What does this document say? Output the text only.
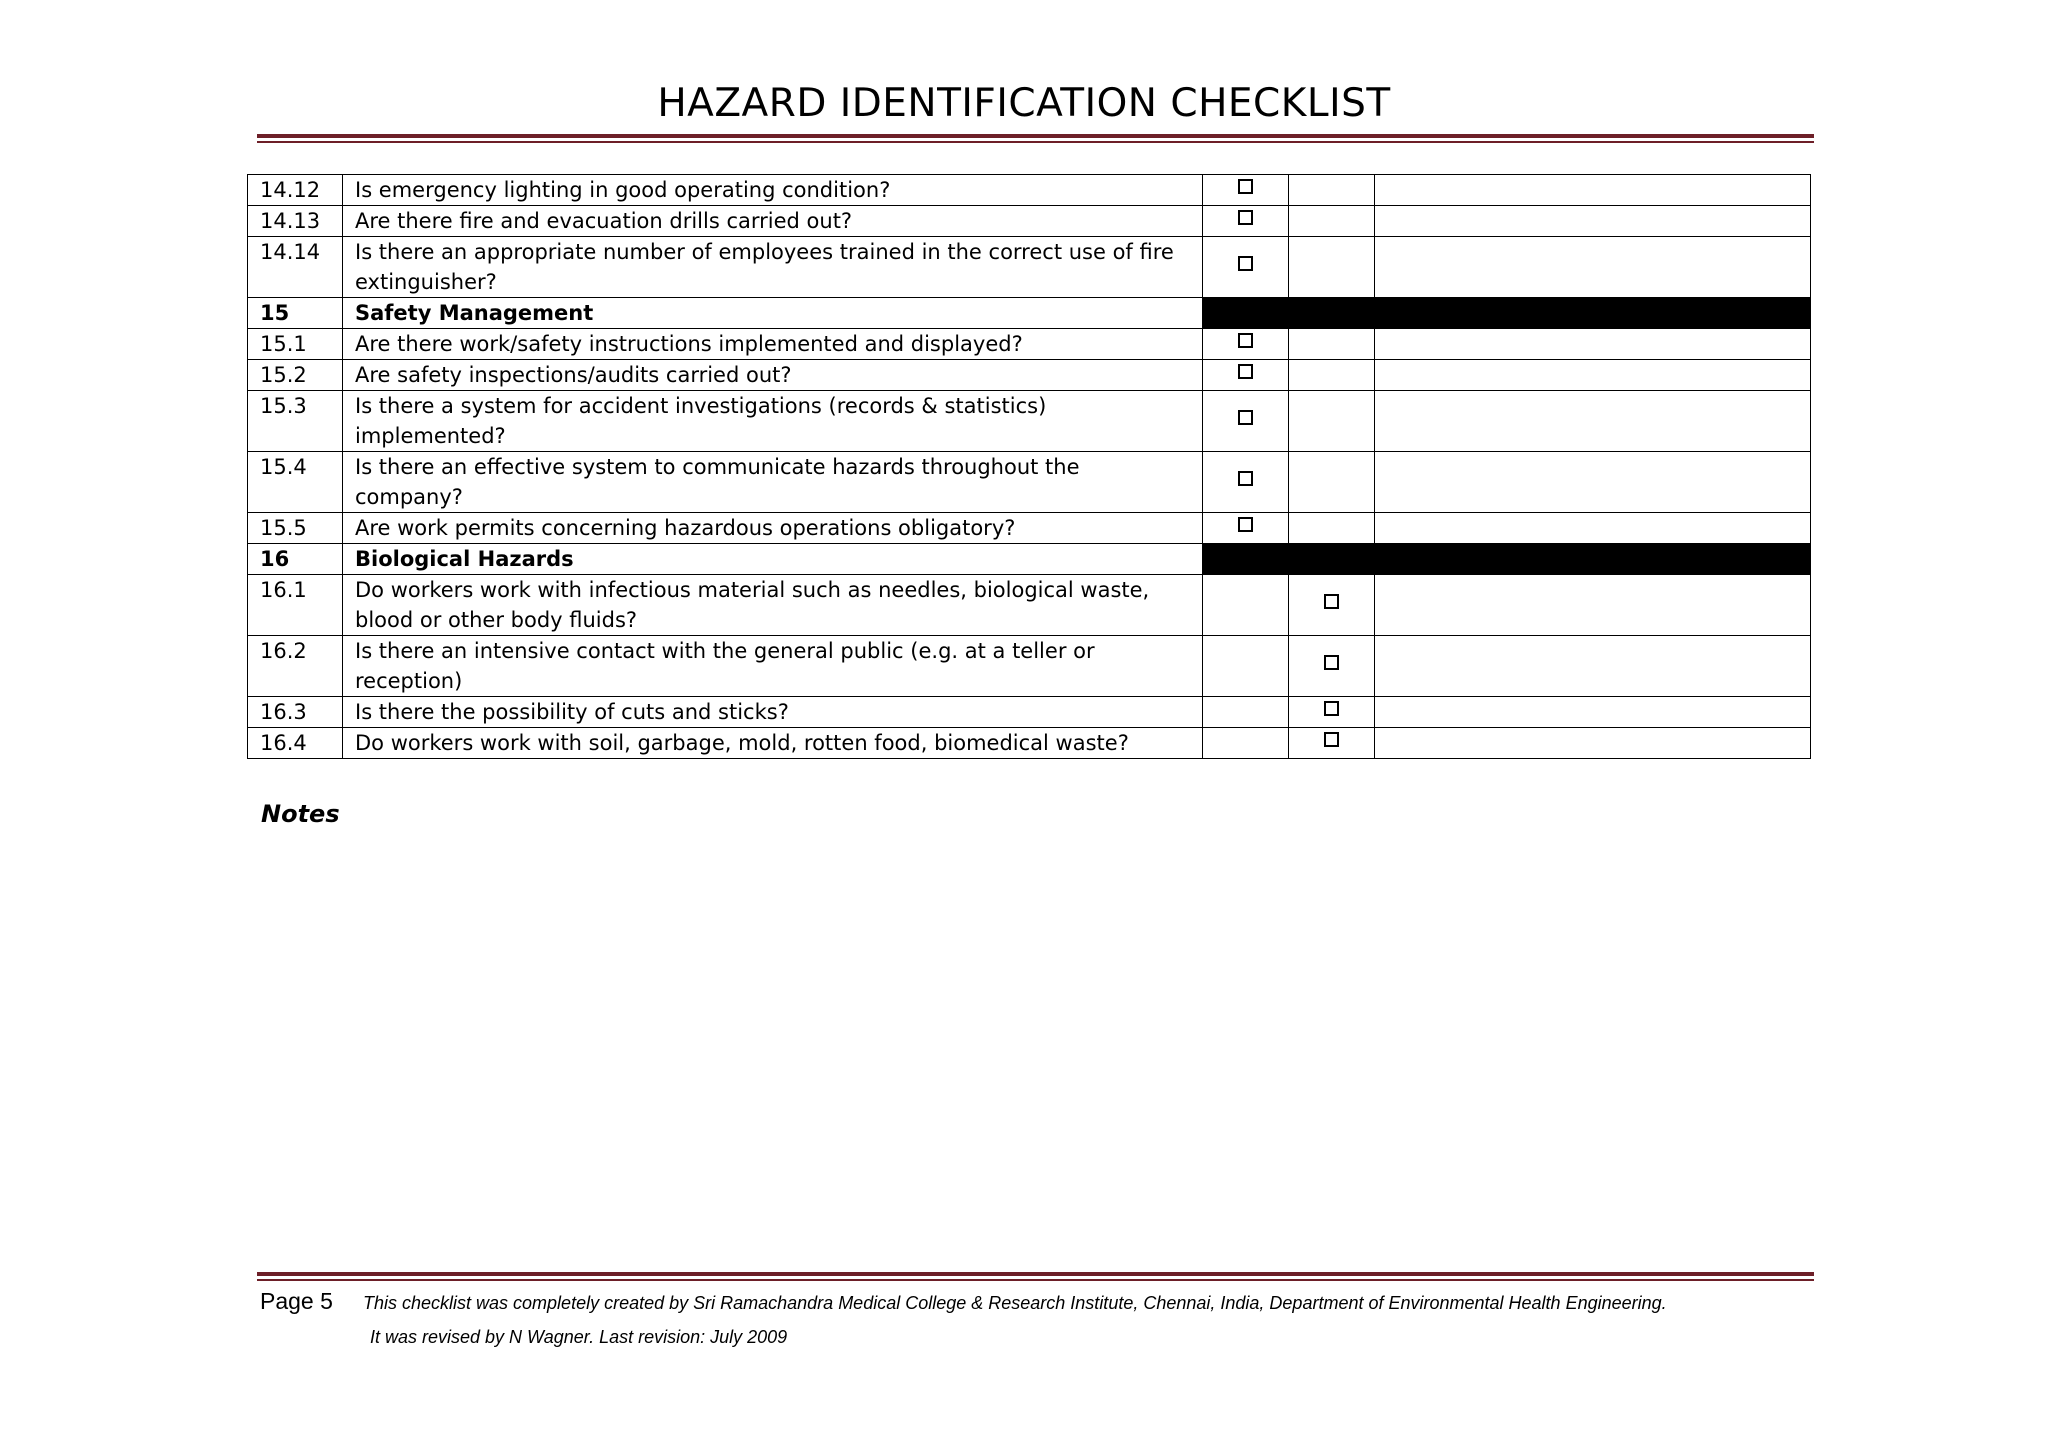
HAZARD IDENTIFICATION CHECKLIST
14.12	Is emergency lighting in good operating condition?			
14.13	Are there fire and evacuation drills carried out?			
14.14	Is there an appropriate number of employees trained in the correct use of fire extinguisher?			
15	Safety Management			
15.1	Are there work/safety instructions implemented and displayed?			
15.2	Are safety inspections/audits carried out?			
15.3	Is there a system for accident investigations (records & statistics) implemented?			
15.4	Is there an effective system to communicate hazards throughout the company?			
15.5	Are work permits concerning hazardous operations obligatory?			
16	Biological Hazards			
16.1	Do workers work with infectious material such as needles, biological waste, blood or other body fluids?			
16.2	Is there an intensive contact with the general public (e.g. at a teller or reception)			
16.3	Is there the possibility of cuts and sticks?			
16.4	Do workers work with soil, garbage, mold, rotten food, biomedical waste?			
Notes
Page 5 This checklist was completely created by Sri Ramachandra Medical College & Research Institute, Chennai, India, Department of Environmental Health Engineering.
It was revised by N Wagner. Last revision: July 2009
